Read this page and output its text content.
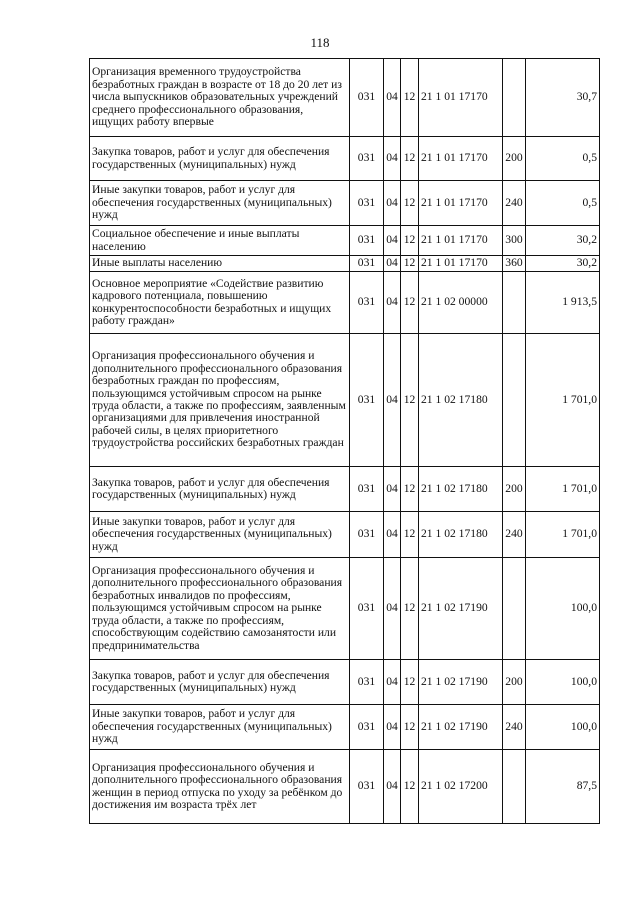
118
Организация временного трудоустройства безработных граждан в возрасте от 18 до 20 лет из числа выпускников образовательных учреждений среднего профессионального образования, ищущих работу впервые	031	04	12	21 1 01 17170		30,7
Закупка товаров, работ и услуг для обеспечения государственных (муниципальных) нужд	031	04	12	21 1 01 17170	200	0,5
Иные закупки товаров, работ и услуг для обеспечения государственных (муниципальных) нужд	031	04	12	21 1 01 17170	240	0,5
Социальное обеспечение и иные выплаты населению	031	04	12	21 1 01 17170	300	30,2
Иные выплаты населению	031	04	12	21 1 01 17170	360	30,2
Основное мероприятие «Содействие развитию кадрового потенциала, повышению конкурентоспособности безработных и ищущих работу граждан»	031	04	12	21 1 02 00000		1 913,5
Организация профессионального обучения и дополнительного профессионального образования безработных граждан по профессиям, пользующимся устойчивым спросом на рынке труда области, а также по профессиям, заявленным организациями для привлечения иностранной рабочей силы, в целях приоритетного трудоустройства российских безработных граждан	031	04	12	21 1 02 17180		1 701,0
Закупка товаров, работ и услуг для обеспечения государственных (муниципальных) нужд	031	04	12	21 1 02 17180	200	1 701,0
Иные закупки товаров, работ и услуг для обеспечения государственных (муниципальных) нужд	031	04	12	21 1 02 17180	240	1 701,0
Организация профессионального обучения и дополнительного профессионального образования безработных инвалидов по профессиям, пользующимся устойчивым спросом на рынке труда области, а также по профессиям, способствующим содействию самозанятости или предпринимательства	031	04	12	21 1 02 17190		100,0
Закупка товаров, работ и услуг для обеспечения государственных (муниципальных) нужд	031	04	12	21 1 02 17190	200	100,0
Иные закупки товаров, работ и услуг для обеспечения государственных (муниципальных) нужд	031	04	12	21 1 02 17190	240	100,0
Организация профессионального обучения и дополнительного профессионального образования женщин в период отпуска по уходу за ребёнком до достижения им возраста трёх лет	031	04	12	21 1 02 17200		87,5
